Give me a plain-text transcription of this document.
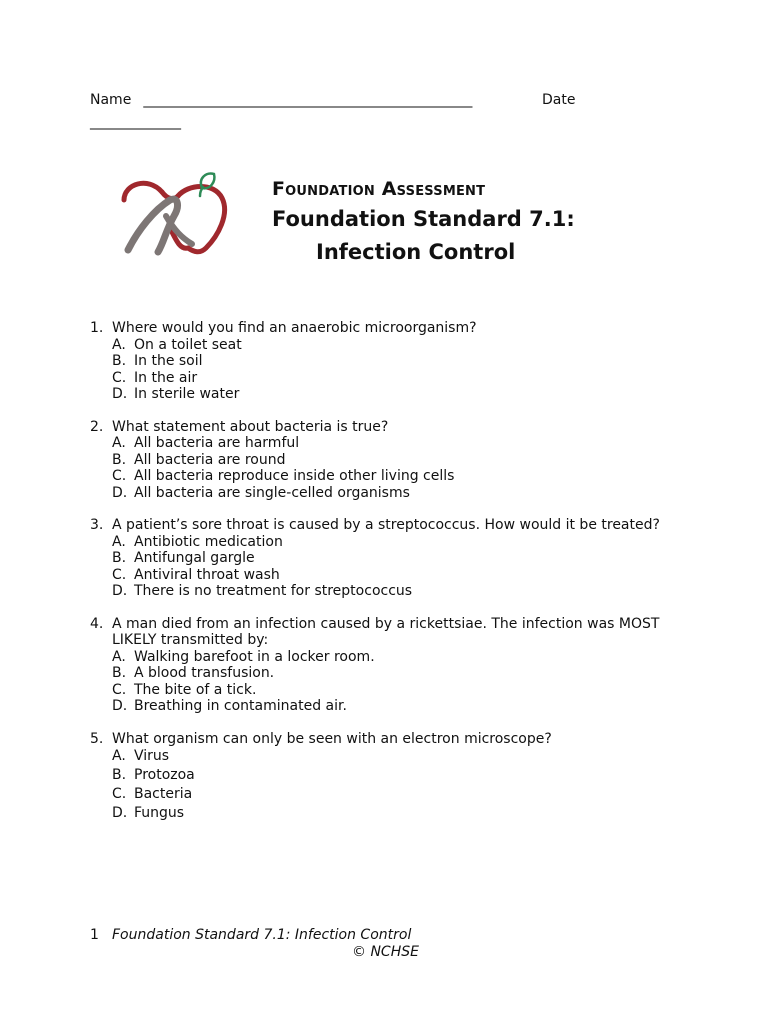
Name _______________________________________________	Date
_____________
Foundation Assessment
Foundation Standard 7.1:
Infection Control
1. Where would you find an anaerobic microorganism?
A. On a toilet seat
B. In the soil
C. In the air
D. In sterile water
2. What statement about bacteria is true?
A. All bacteria are harmful
B. All bacteria are round
C. All bacteria reproduce inside other living cells
D. All bacteria are single-celled organisms
3. A patient’s sore throat is caused by a streptococcus. How would it be treated?
A. Antibiotic medication
B. Antifungal gargle
C. Antiviral throat wash
D. There is no treatment for streptococcus
4. A man died from an infection caused by a rickettsiae. The infection was MOST LIKELY transmitted by:
A. Walking barefoot in a locker room.
B. A blood transfusion.
C. The bite of a tick.
D. Breathing in contaminated air.
5. What organism can only be seen with an electron microscope?
A. Virus
B. Protozoa
C. Bacteria
D. Fungus
1 Foundation Standard 7.1: Infection Control
© NCHSE
